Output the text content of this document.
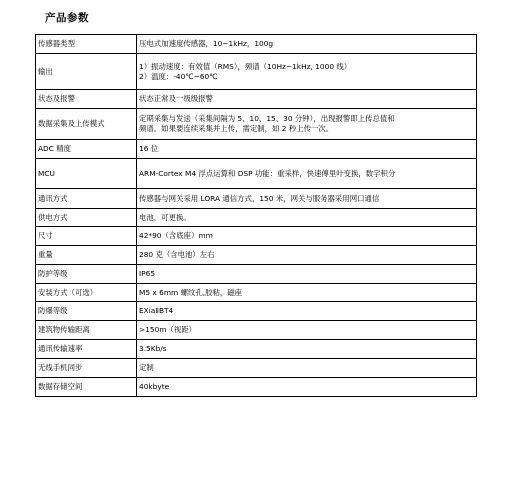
产品参数
传感器类型	压电式加速度传感器，10~1kHz，100g

输出	1）振动速度：有效值（RMS），频谱（10Hz~1kHz, 1000 线）
2）温度：-40℃~60℃

状态及报警	状态正常及一级级报警

数据采集及上传模式	定期采集与发送（采集间隔为 5、10、15、30 分钟），出现报警即上传总值和
频谱。如果要连续采集并上传，需定制，如 2 秒上传一次。

ADC 精度	16 位

MCU	ARM-Cortex M4 浮点运算和 DSP 功能：重采样，快速傅里叶变换，数字积分

通讯方式	传感器与网关采用 LORA 通信方式，150 米，网关与服务器采用网口通信

供电方式	电池，可更换。

尺寸	42*90（含底座）mm

重量	280 克（含电池）左右

防护等级	IP65

安装方式（可选）	M5 x 6mm 螺纹孔,胶粘，磁座

防爆等级	EXiaⅡBT4

建筑物传输距离	>150m（视距）

通讯传输速率	3.5Kb/s

无线手机同步	定制

数据存储空间	40kbyte
